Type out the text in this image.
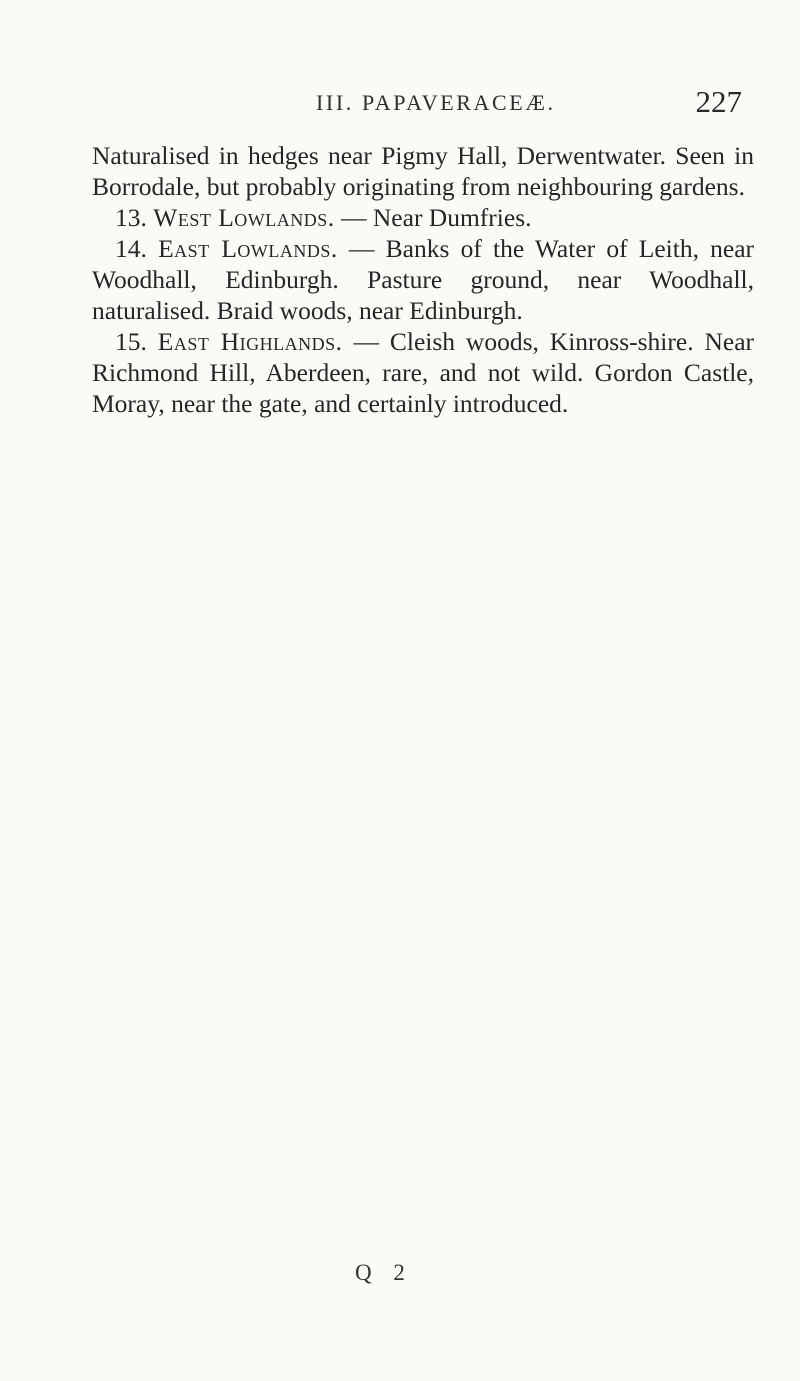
III. PAPAVERACEÆ.	227

Naturalised in hedges near Pigmy Hall, Derwentwater. Seen in Borrodale, but probably originating from neighbouring gardens.

13. West Lowlands. — Near Dumfries.

14. East Lowlands. — Banks of the Water of Leith, near Woodhall, Edinburgh. Pasture ground, near Woodhall, naturalised. Braid woods, near Edinburgh.

15. East Highlands. — Cleish woods, Kinross-shire. Near Richmond Hill, Aberdeen, rare, and not wild. Gordon Castle, Moray, near the gate, and certainly introduced.

Q 2
